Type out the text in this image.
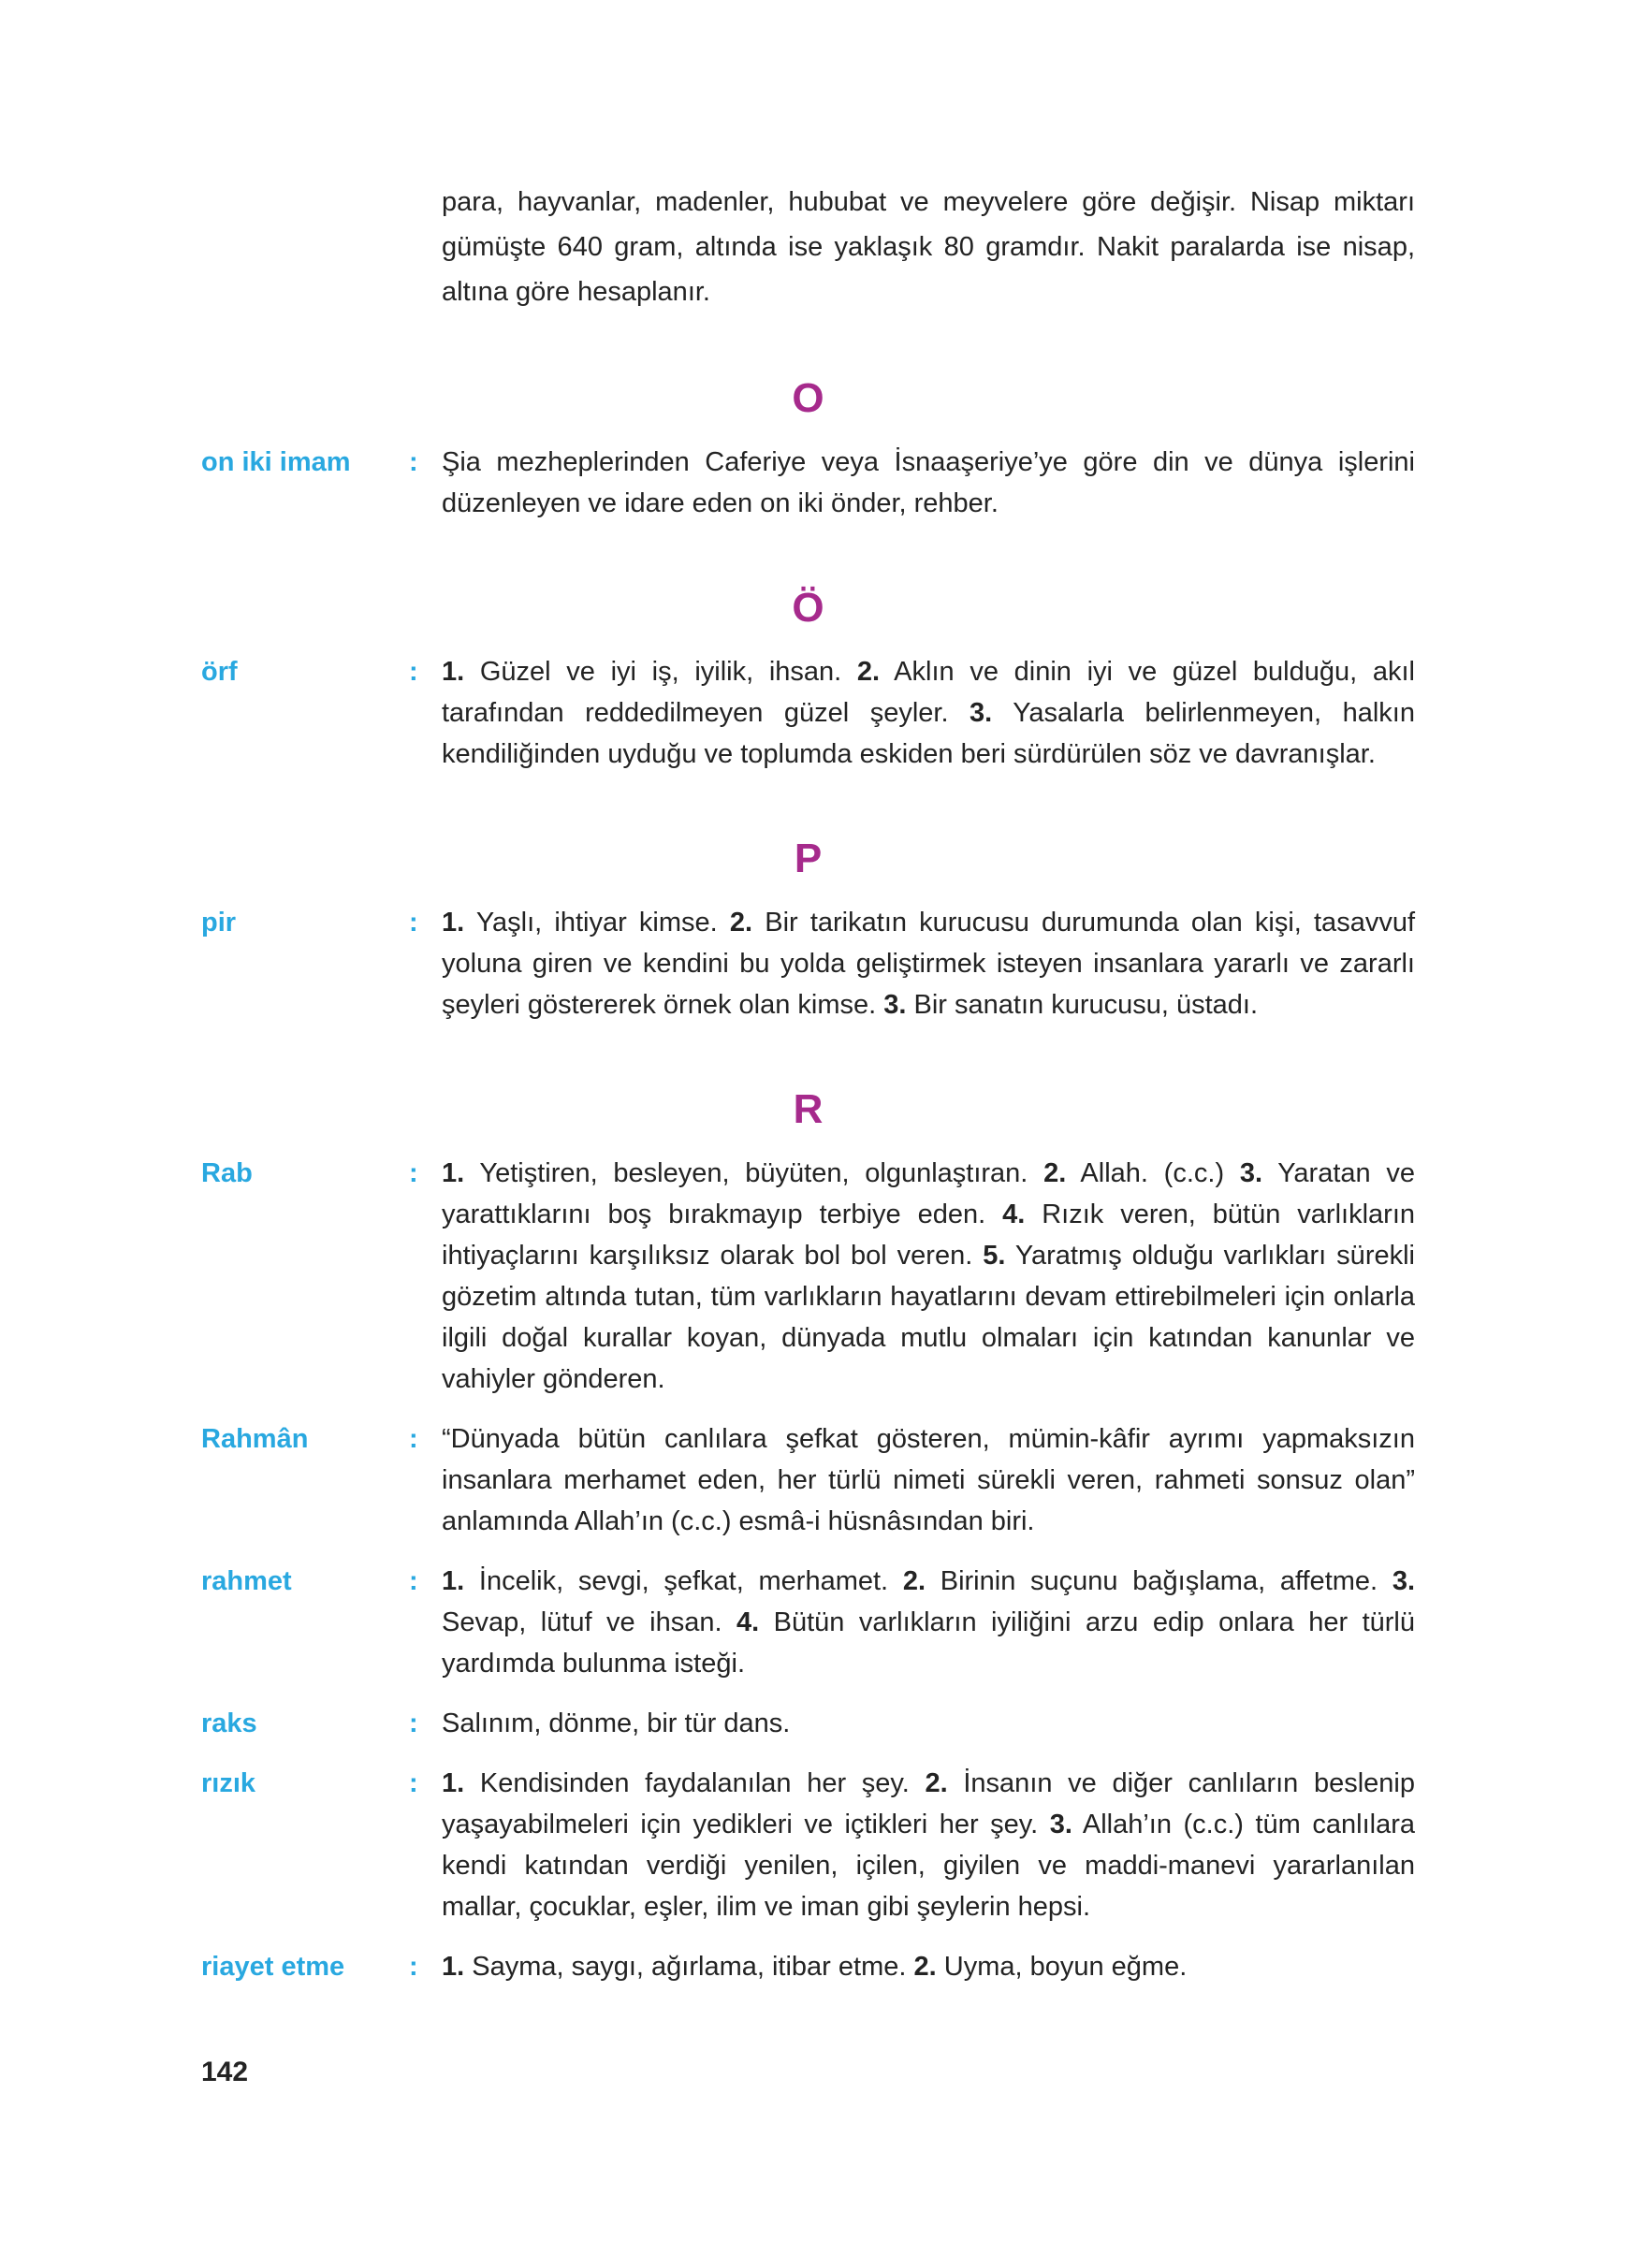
para, hayvanlar, madenler, hububat ve meyvelere göre değişir. Nisap miktarı gümüşte 640 gram, altında ise yaklaşık 80 gramdır. Nakit paralarda ise nisap, altına göre hesaplanır.

O
on iki imam	: Şia mezheplerinden Caferiye veya İsnaaşeriye’ye göre din ve dünya işlerini düzenleyen ve idare eden on iki önder, rehber.
Ö
örf	: 1. Güzel ve iyi iş, iyilik, ihsan. 2. Aklın ve dinin iyi ve güzel bulduğu, akıl tarafından reddedilmeyen güzel şeyler. 3. Yasalarla belirlenmeyen, halkın kendiliğinden uyduğu ve toplumda eskiden beri sürdürülen söz ve davranışlar.
P
pir	: 1. Yaşlı, ihtiyar kimse. 2. Bir tarikatın kurucusu durumunda olan kişi, tasavvuf yoluna giren ve kendini bu yolda geliştirmek isteyen insanlara yararlı ve zararlı şeyleri göstererek örnek olan kimse. 3. Bir sanatın kurucusu, üstadı.
R
Rab	: 1. Yetiştiren, besleyen, büyüten, olgunlaştıran. 2. Allah. (c.c.) 3. Yaratan ve yarattıklarını boş bırakmayıp terbiye eden. 4. Rızık veren, bütün varlıkların ihtiyaçlarını karşılıksız olarak bol bol veren. 5. Yaratmış olduğu varlıkları sürekli gözetim altında tutan, tüm varlıkların hayatlarını devam ettirebilmeleri için onlarla ilgili doğal kurallar koyan, dünyada mutlu olmaları için katından kanunlar ve vahiyler gönderen.
Rahmân	: “Dünyada bütün canlılara şefkat gösteren, mümin-kâfir ayrımı yapmaksızın insanlara merhamet eden, her türlü nimeti sürekli veren, rahmeti sonsuz olan” anlamında Allah’ın (c.c.) esmâ-i hüsnâsından biri.
rahmet	: 1. İncelik, sevgi, şefkat, merhamet. 2. Birinin suçunu bağışlama, affetme. 3. Sevap, lütuf ve ihsan. 4. Bütün varlıkların iyiliğini arzu edip onlara her türlü yardımda bulunma isteği.
raks	: Salınım, dönme, bir tür dans.
rızık	: 1. Kendisinden faydalanılan her şey. 2. İnsanın ve diğer canlıların beslenip yaşayabilmeleri için yedikleri ve içtikleri her şey. 3. Allah’ın (c.c.) tüm canlılara kendi katından verdiği yenilen, içilen, giyilen ve maddi-manevi yararlanılan mallar, çocuklar, eşler, ilim ve iman gibi şeylerin hepsi.
riayet etme	: 1. Sayma, saygı, ağırlama, itibar etme. 2. Uyma, boyun eğme.
142
